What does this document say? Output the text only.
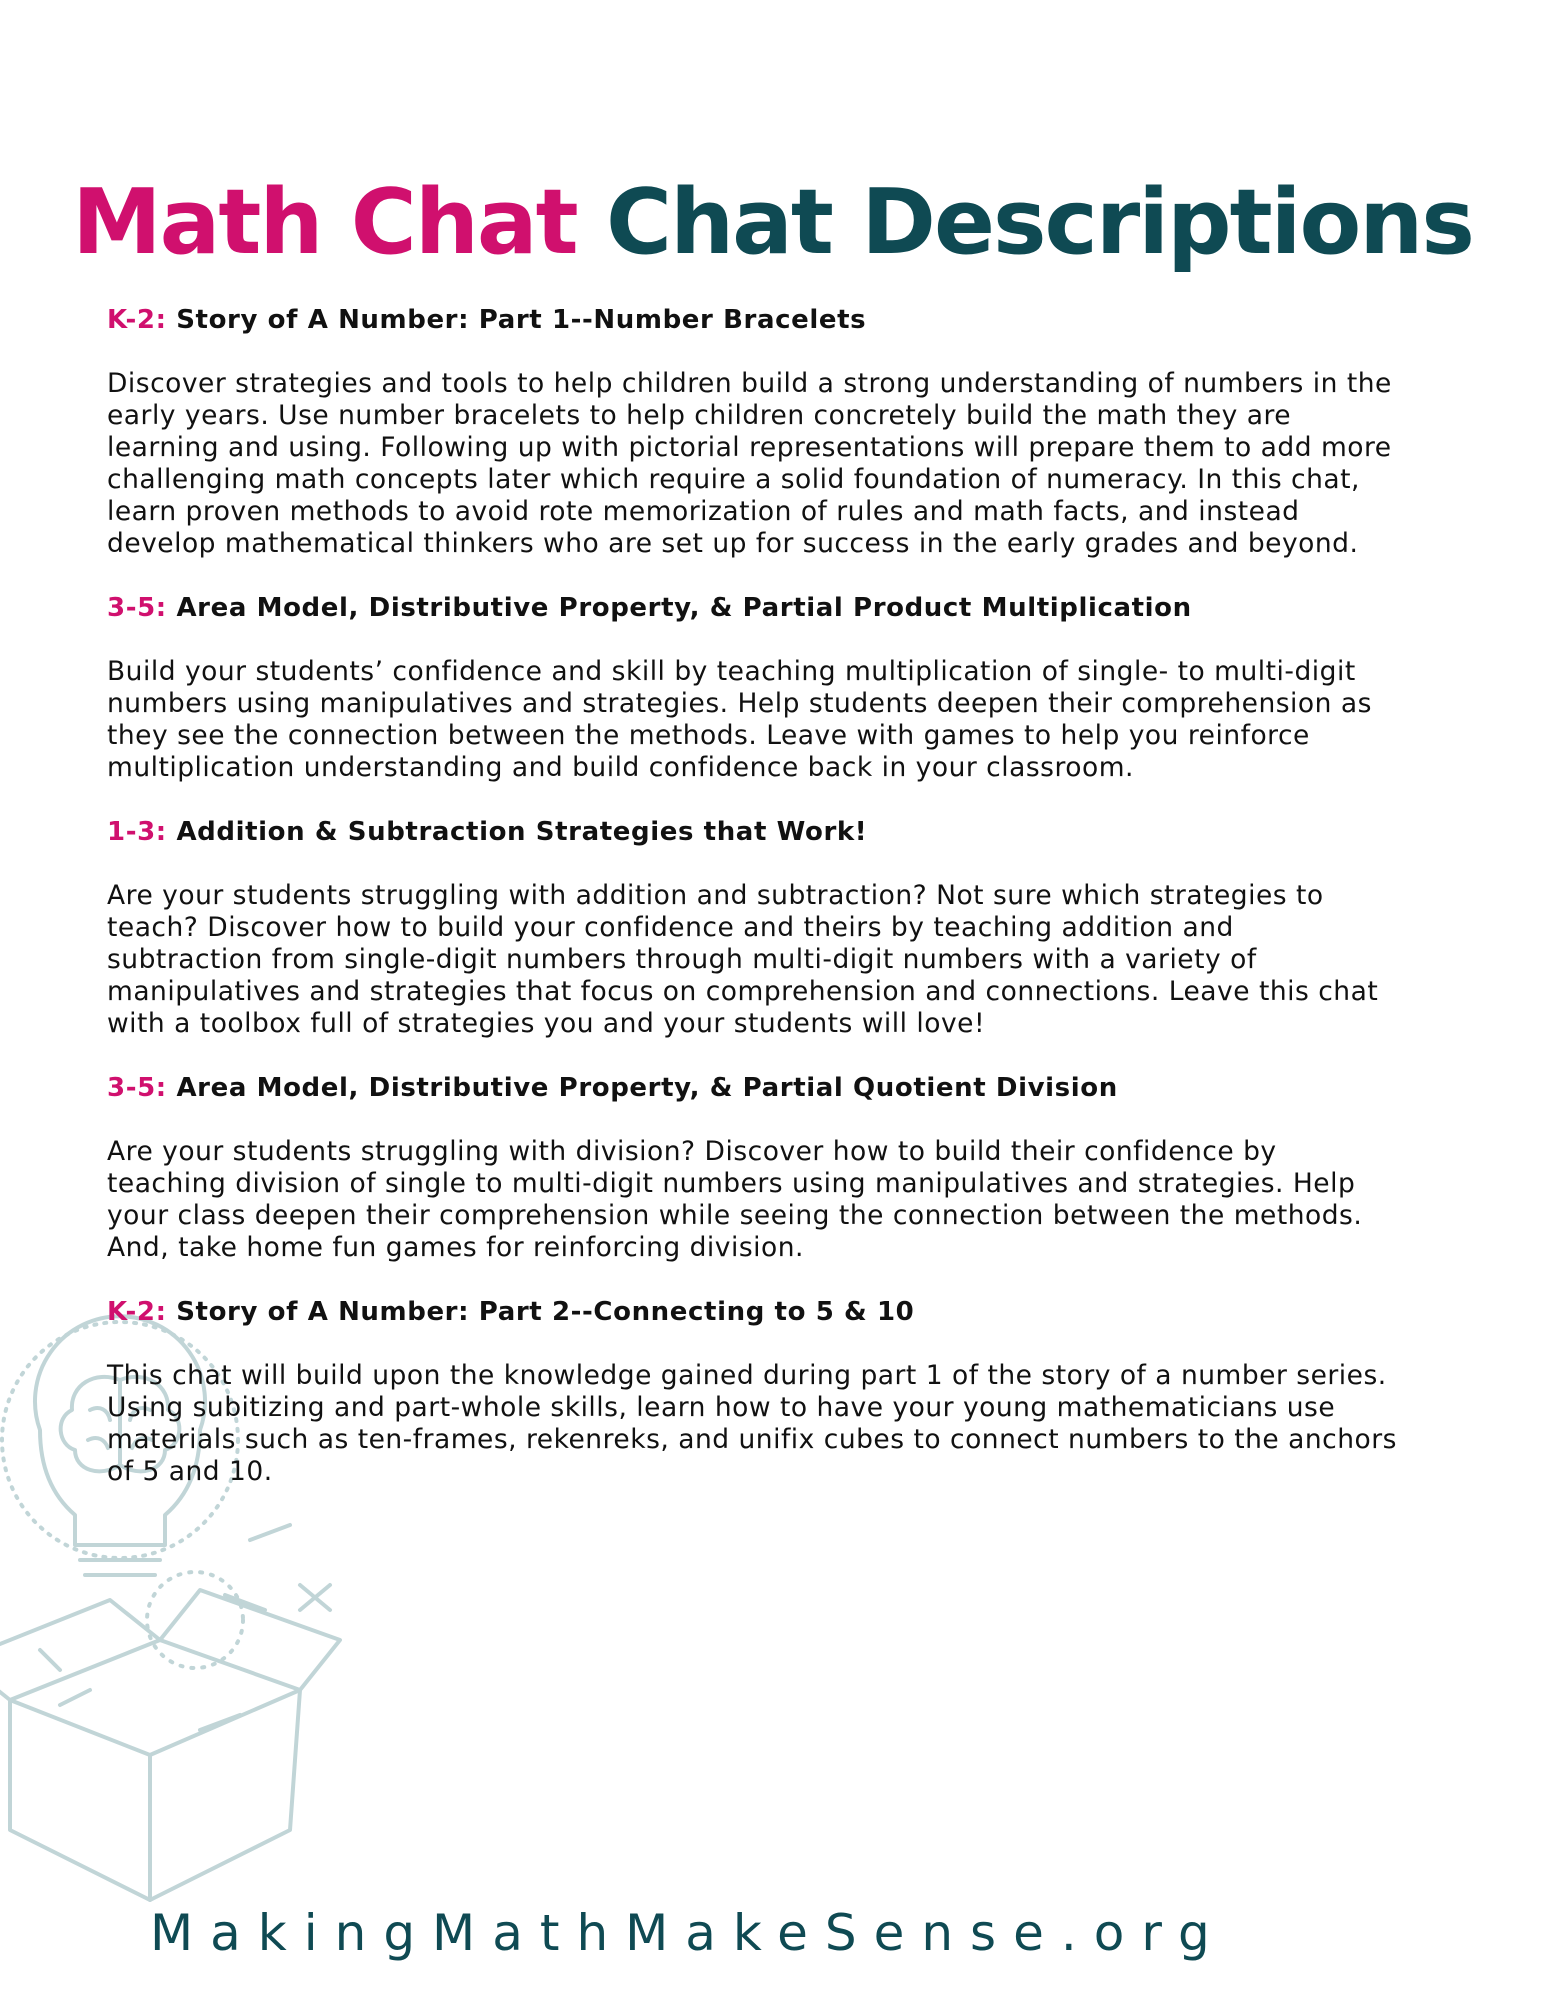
Math Chat Chat Descriptions

K-2: Story of A Number: Part 1--Number Bracelets

Discover strategies and tools to help children build a strong understanding of numbers in the early years. Use number bracelets to help children concretely build the math they are learning and using. Following up with pictorial representations will prepare them to add more challenging math concepts later which require a solid foundation of numeracy. In this chat, learn proven methods to avoid rote memorization of rules and math facts, and instead develop mathematical thinkers who are set up for success in the early grades and beyond.

3-5: Area Model, Distributive Property, & Partial Product Multiplication

Build your students’ confidence and skill by teaching multiplication of single- to multi-digit numbers using manipulatives and strategies. Help students deepen their comprehension as they see the connection between the methods. Leave with games to help you reinforce multiplication understanding and build confidence back in your classroom.

1-3: Addition & Subtraction Strategies that Work!

Are your students struggling with addition and subtraction? Not sure which strategies to teach? Discover how to build your confidence and theirs by teaching addition and subtraction from single-digit numbers through multi-digit numbers with a variety of manipulatives and strategies that focus on comprehension and connections. Leave this chat with a toolbox full of strategies you and your students will love!

3-5: Area Model, Distributive Property, & Partial Quotient Division

Are your students struggling with division? Discover how to build their confidence by teaching division of single to multi-digit numbers using manipulatives and strategies. Help your class deepen their comprehension while seeing the connection between the methods. And, take home fun games for reinforcing division.

K-2: Story of A Number: Part 2--Connecting to 5 & 10

This chat will build upon the knowledge gained during part 1 of the story of a number series. Using subitizing and part-whole skills, learn how to have your young mathematicians use materials such as ten-frames, rekenreks, and unifix cubes to connect numbers to the anchors of 5 and 10.

MakingMathMakeSense.org
